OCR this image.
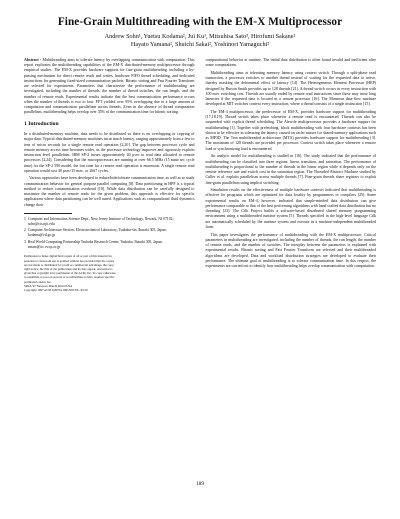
Fine-Grain Multithreading with the EM-X Multiprocessor
Andrew Sohn¹, Yuetsu Kodama², Jui Ku¹, Mitsuhisa Sato³, Hirofumi Sakane²
Hayato Yamana², Shuichi Sakai², Yoshinori Yamaguchi²

Abstract - Multithreading aims to tolerate latency by overlapping communication with computation. This report explicates the multithreading capabilities of the EM-X distributed-memory multiprocessor through empirical studies. The EM-X provides hardware supports for fine-grain multithreading, including a by-passing mechanism for direct remote reads and writes, hardware FIFO thread scheduling, and dedicated instructions for generating fixed-sized communication packets. Bitonic sorting and Fast Fourier Transform are selected for experiments. Parameters that characterize the performance of multithreading are investigated, including the number of threads, the number of thread switches, the run length, and the number of remote reads. Experimental results indicate that the best communication performance occurs when the number of threads is two to four. FFT yielded over 95% overlapping due to a large amount of computation and communication parallelism across threads. Even in the absence of thread computation parallelism, multithreading helps overlap over 35% of the communication time for bitonic sorting.

1 Introduction

In a distributed-memory machine, data needs to be distributed so there is no overlapping or copying of major data. Typical distributed-memory machines incur much latency, ranging approximately from a few to tens of micro seconds for a single remote read operation [2,20]. The gap between processor cycle and remote memory access time becomes wider, as the processor technology improves and rigorously exploits instruction level parallelism. IBM SP-2 incurs approximately 40 μsec to read data allocated to remote processors [2,24]. Considering that the microprocessors are running at over 66.5 MHz (15 nano sec cycle time) for the SP-2 590 model, the lost time for a remote read operation is enormous. A single remote read operation would cost 40 μsec/15 nsec, or 2667 cycles.

Various approaches have been developed to reduce/hide/tolerate communication time, as well as to study communication behavior for general purpose parallel computing [8]. Data partitioning in HPF is a typical method to reduce communication overhead [10]. While data distribution can be carefully designed to maximize the number of remote reads for the given problem, this approach is effective for specific applications where data partitioning can be well tuned. Applications such as computational fluid dynamics change their

1 Computer and Information Science Dept., New Jersey Institute of Technology, Newark, NJ 07102; sohn@cis.njit.edu
2 Computer Architecture Section, Electrotechnical Laboratory, Tsukuba-shi, Ibaraki 305, Japan; kodama@etl.go.jp
3 Real World Computing Partnership Tsukuba Research Center, Tsukuba, Ibaraki 305, Japan; msato@trc.rwcp.or.jp
Permission to make digital/hard copies of all or part of this material for
personal or classroom use is granted without fee provided that the copies
are not made or distributed for profit or commercial advantage, the copy-
right notice, the title of the publication and its date appear, and notice is
given that copyright is by permission of the ACM, Inc. To copy otherwise,
to republish, to post on servers or to redistribute to lists, requires specific
permission and/or fee.
SPAA '97 Newport, Rhode Island USA
Copyright 1997 ACM 0-89791-890-8/97/06 ..$3.50

computational behavior at runtime. The initial data distribution is often found invalid and inefficient after some computations.

Multithreading aims at tolerating memory latency using context switch. Through a split-phase read transaction, a processor switches to another thread instead of waiting for the requested data to arrive, thereby masking the detrimental effect of latency [14]. The Heterogeneous Element Processor (HEP) designed by Burton Smith provides up to 128 threads [21]. A thread switch occurs in every instruction with 100 nsec switching cost. Threads are usually ended by remote read instructions since those may incur long latencies if the requested data is located in a remote processor [16]. The Monsoon data-flow machine developed at MIT switches context every instruction, where a thread consists of a single instruction [15].

The EM-4 multiprocessor, the predecessor of EM-X, provides hardware support for multithreading [17,18,19]. Thread switch takes place whenever a remote read is encountered. Threads can also be suspended with explicit thread scheduling. The Alewife multiprocessor provides a hardware support for multithreading [1]. Together with prefetching, block multithreading with four hardware contexts has been shown to be effective in tolerating the latency caused on cache misses for shared-memory applications such as MP3D. The Tera multithreaded architecture (MTA) provides hardware support for multithreading [3]. The maximum of 128 threads are provided per processor. Context switch takes place whenever a remote load or synchronizing load is encountered.

An analytic model for multithreading is studied in [16]. The study indicated that the performance of multithreading can be classified into three regions: linear, transition, and saturation. The performance of multithreading is proportional to the number of threads in the linear region while it depends only on the remote reference rate and switch cost in the saturation region. The Threaded Abstract Machine studied by Culler et al. exploits parallelism across multiple threads [7]. Fine-grain threads share registers to exploit fine-grain parallelism using implicit switching.

Simulation results on the effectiveness of multiple hardware contexts indicated that multithreading is effective for programs which are optimized for data locality by programmers or compilers [25]. Some experimental results on EM-4, however, indicated that simple-minded data distribution can give performance comparable to that of the best performing algorithms with hand crafted data distribution but no threading [23]. The Cilk Project builds a software-based distributed shared memory programming environment using a multithreaded runtime system [5]. Threads specified in the high-level language Cilk are automatically scheduled by the runtime system and execute in a machine-independent multithreaded form.

This paper investigates the performance of multithreading with the EM-X multiprocessor. Critical parameters in multithreading are investigated, including the number of threads, the run length, the number of remote reads, and the number of switches. The interplay between the parameters is explained with experimental results. Bitonic sorting and Fast Fourier Transform are selected and their multithreaded algorithms are developed. Data and workload distribution strategies are developed to evaluate their performance. The ultimate goal of multithreading is to tolerate communication time. In this respect, the experiments are carried out to identify how multithreading helps overlap communication with computation.

189
